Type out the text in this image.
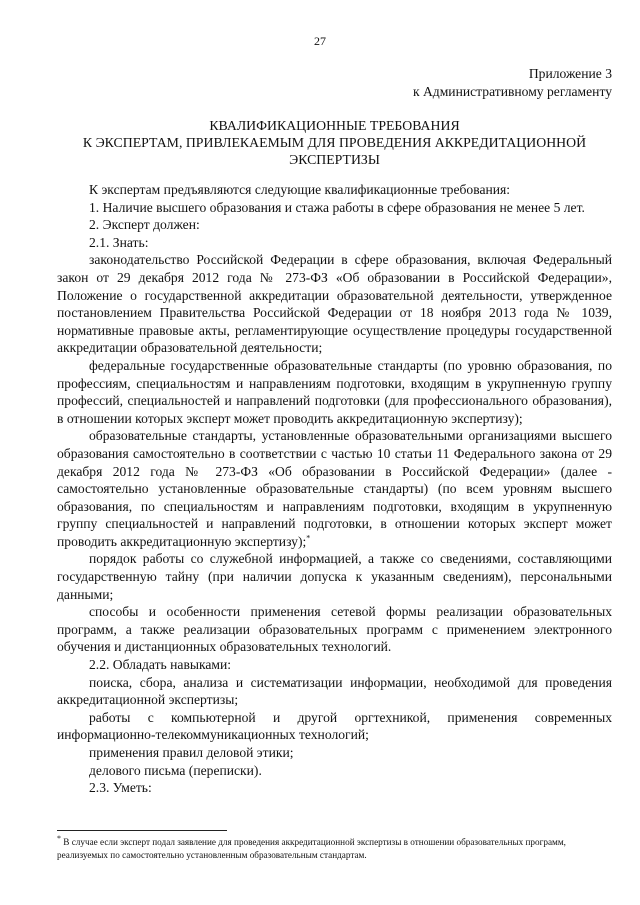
27
Приложение 3
к Административному регламенту
КВАЛИФИКАЦИОННЫЕ ТРЕБОВАНИЯ
К ЭКСПЕРТАМ, ПРИВЛЕКАЕМЫМ ДЛЯ ПРОВЕДЕНИЯ АККРЕДИТАЦИОННОЙ
ЭКСПЕРТИЗЫ

К экспертам предъявляются следующие квалификационные требования:

1. Наличие высшего образования и стажа работы в сфере образования не менее 5 лет.

2. Эксперт должен:

2.1. Знать:

законодательство Российской Федерации в сфере образования, включая Федеральный закон от 29 декабря 2012 года № 273-ФЗ «Об образовании в Российской Федерации», Положение о государственной аккредитации образовательной деятельности, утвержденное постановлением Правительства Российской Федерации от 18 ноября 2013 года № 1039, нормативные правовые акты, регламентирующие осуществление процедуры государственной аккредитации образовательной деятельности;

федеральные государственные образовательные стандарты (по уровню образования, по профессиям, специальностям и направлениям подготовки, входящим в укрупненную группу профессий, специальностей и направлений подготовки (для профессионального образования), в отношении которых эксперт может проводить аккредитационную экспертизу);

образовательные стандарты, установленные образовательными организациями высшего образования самостоятельно в соответствии с частью 10 статьи 11 Федерального закона от 29 декабря 2012 года № 273-ФЗ «Об образовании в Российской Федерации» (далее - самостоятельно установленные образовательные стандарты) (по всем уровням высшего образования, по специальностям и направлениям подготовки, входящим в укрупненную группу специальностей и направлений подготовки, в отношении которых эксперт может проводить аккредитационную экспертизу);*

порядок работы со служебной информацией, а также со сведениями, составляющими государственную тайну (при наличии допуска к указанным сведениям), персональными данными;

способы и особенности применения сетевой формы реализации образовательных программ, а также реализации образовательных программ с применением электронного обучения и дистанционных образовательных технологий.

2.2. Обладать навыками:

поиска, сбора, анализа и систематизации информации, необходимой для проведения аккредитационной экспертизы;

работы с компьютерной и другой оргтехникой, применения современных информационно-телекоммуникационных технологий;

применения правил деловой этики;

делового письма (переписки).

2.3. Уметь:

* В случае если эксперт подал заявление для проведения аккредитационной экспертизы в отношении образовательных программ, реализуемых по самостоятельно установленным образовательным стандартам.
